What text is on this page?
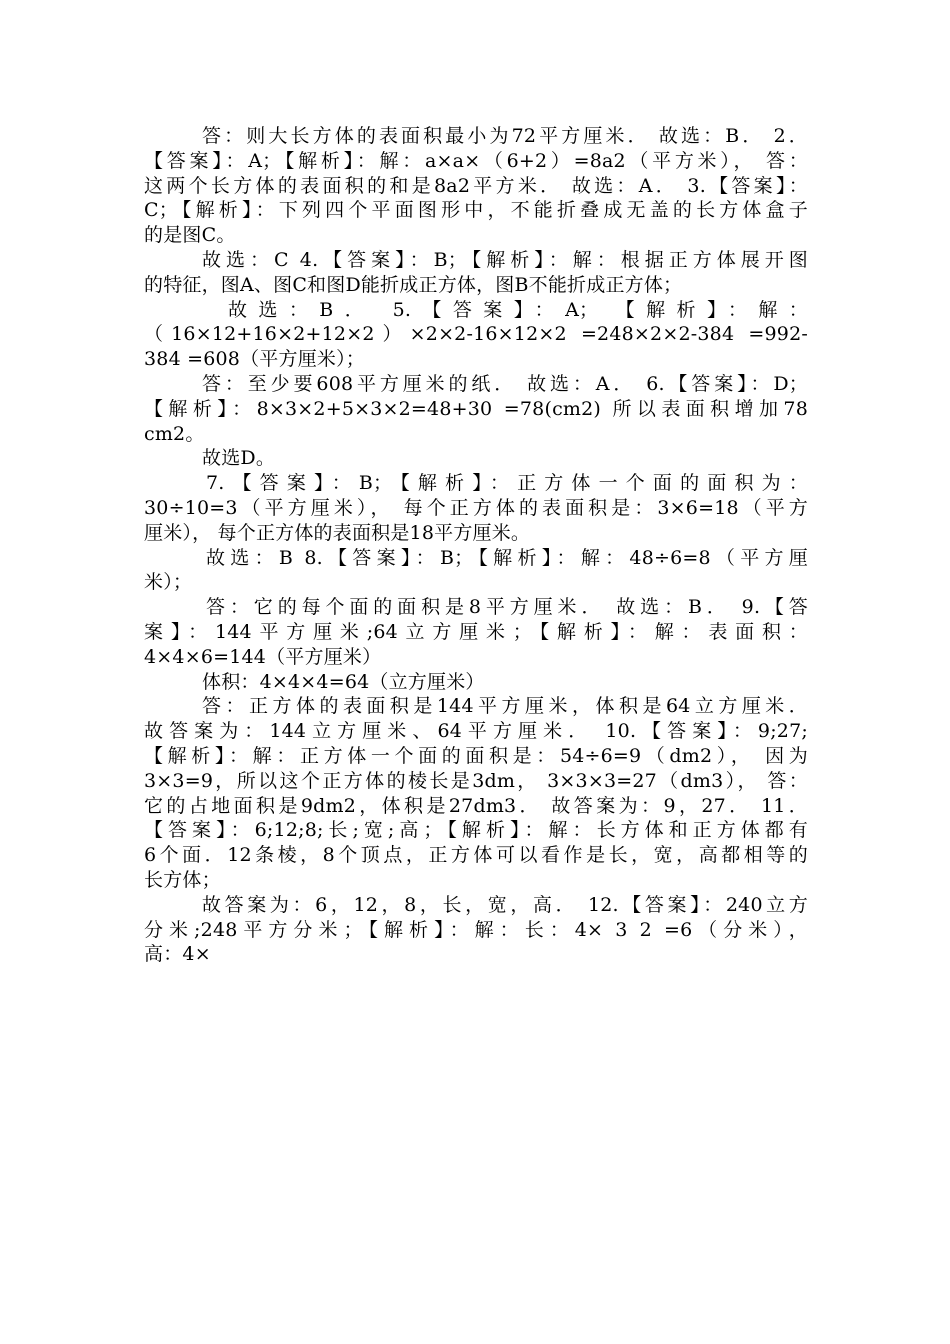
答：则大长方体的表面积最小为72平方厘米． 故选：B． 2．
【答案】：A；【解析】：解：a×a×（6+2）=8a2（平方米）， 答：
这两个长方体的表面积的和是8a2平方米． 故选：A． 3.【答案】：
C；【解析】：下列四个平面图形中，不能折叠成无盖的长方体盒子
的是图C。
故选：C 4.【答案】：B；【解析】：解：根据正方体展开图
的特征，图A、图C和图D能折成正方体，图B不能折成正方体；
故选：B． 5.【答案】：A； 【解析】：解：
（16×12+16×2+12×2）×2×2-16×12×2 =248×2×2-384 =992-
384 =608（平方厘米）；
答：至少要608平方厘米的纸． 故选：A． 6.【答案】：D；
【解析】：8×3×2+5×3×2=48+30 =78(cm2) 所以表面积增加78
cm2。
故选D。
7.【答案】：B；【解析】：正方体一个面的面积为：
30÷10=3（平方厘米）， 每个正方体的表面积是：3×6=18（平方
厘米）， 每个正方体的表面积是18平方厘米。
故选：B 8.【答案】：B；【解析】：解：48÷6=8（平方厘
米）；
答：它的每个面的面积是8平方厘米． 故选：B． 9.【答
案】：144平方厘米;64立方厘米；【解析】：解：表面积：
4×4×6=144（平方厘米）
体积：4×4×4=64（立方厘米）
答：正方体的表面积是144平方厘米，体积是64立方厘米．
故答案为：144立方厘米、64平方厘米． 10.【答案】：9;27;
【解析】：解：正方体一个面的面积是：54÷6=9（dm2）， 因为
3×3=9，所以这个正方体的棱长是3dm， 3×3×3=27（dm3）， 答：
它的占地面积是9dm2，体积是27dm3． 故答案为：9，27． 11．
【答案】：6;12;8;长;宽;高；【解析】：解：长方体和正方体都有
6个面．12条棱，8个顶点，正方体可以看作是长，宽，高都相等的
长方体；
故答案为：6，12，8，长，宽，高． 12.【答案】：240立方
分米;248平方分米；【解析】：解：长：4× 3 2 =6（分米），
高：4×
